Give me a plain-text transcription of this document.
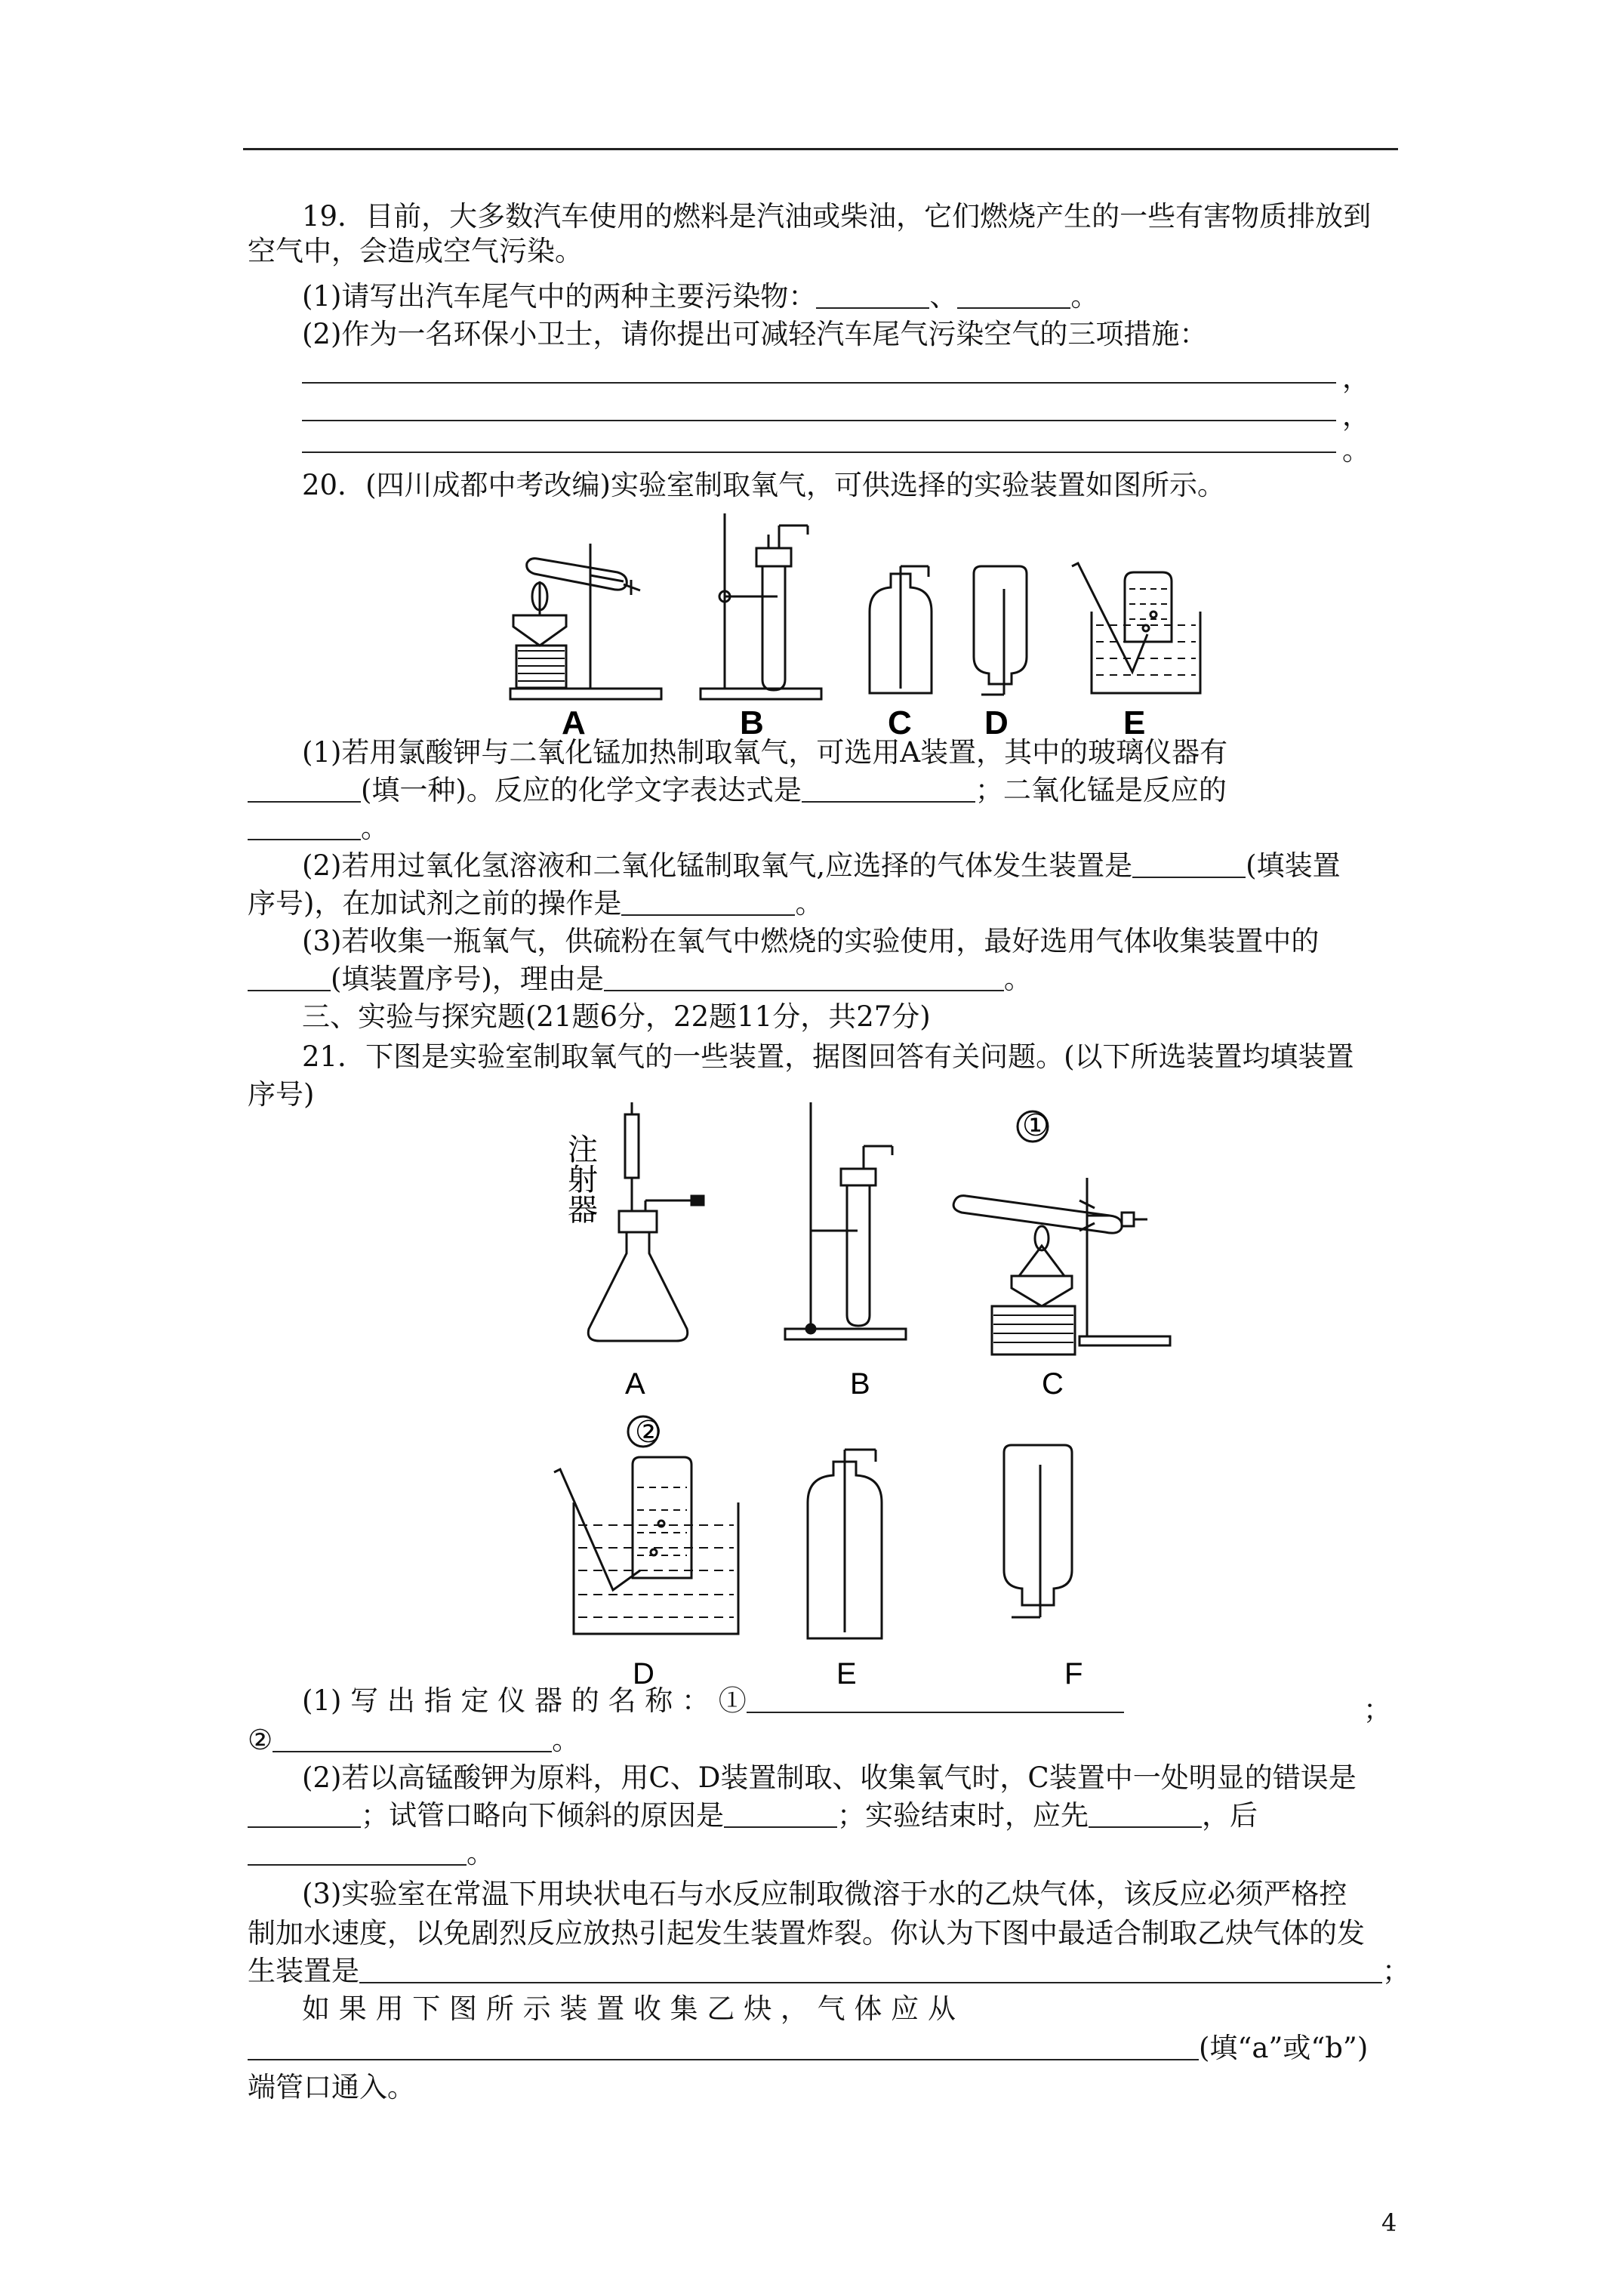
19．目前，大多数汽车使用的燃料是汽油或柴油，它们燃烧产生的一些有害物质排放到
空气中，会造成空气污染。
(1)请写出汽车尾气中的两种主要污染物：	、	。
(2)作为一名环保小卫士，请你提出可减轻汽车尾气污染空气的三项措施：
，
，
。
20．(四川成都中考改编)实验室制取氧气，可供选择的实验装置如图所示。
A	B	C D	E
(1)若用氯酸钾与二氧化锰加热制取氧气，可选用A装置，其中的玻璃仪器有
(填一种)。反应的化学文字表达式是	；二氧化锰是反应的
。
(2)若用过氧化氢溶液和二氧化锰制取氧气,应选择的气体发生装置是	(填装置
序号)，在加试剂之前的操作是	。
(3)若收集一瓶氧气，供硫粉在氧气中燃烧的实验使用，最好选用气体收集装置中的
(填装置序号)，理由是	。
三、实验与探究题(21题6分，22题11分，共27分)
21．下图是实验室制取氧气的一些装置，据图回答有关问题。(以下所选装置均填装置
序号)
①
注
射
器
A	B	C
②
D	E	F
(1) 写 出 指 定 仪 器 的 名 称 ： ①	；
②	。
(2)若以高锰酸钾为原料，用C、D装置制取、收集氧气时，C装置中一处明显的错误是
；试管口略向下倾斜的原因是	；实验结束时，应先	，后
。
(3)实验室在常温下用块状电石与水反应制取微溶于水的乙炔气体，该反应必须严格控
制加水速度，以免剧烈反应放热引起发生装置炸裂。你认为下图中最适合制取乙炔气体的发
生装置是	；
如 果 用 下 图 所 示 装 置 收 集 乙 炔 ， 气 体 应 从
(填“a”或“b”)
端管口通入。
4
